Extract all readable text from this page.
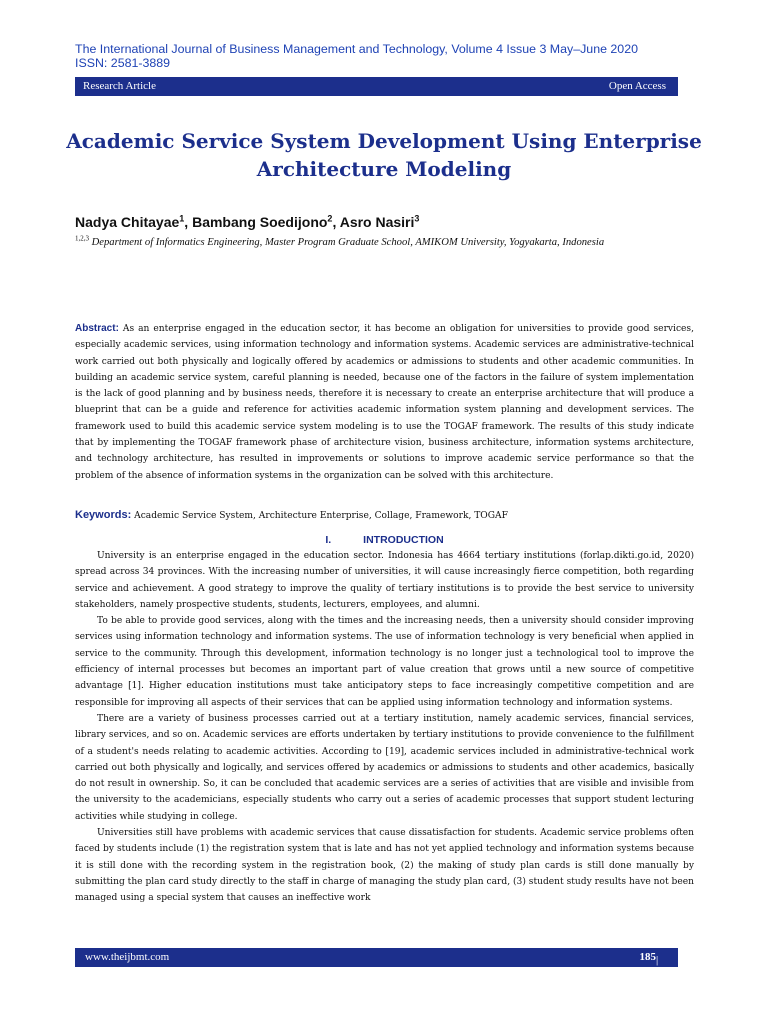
The International Journal of Business Management and Technology, Volume 4 Issue 3 May–June 2020
ISSN: 2581-3889
Research Article	Open Access
Academic Service System Development Using Enterprise Architecture Modeling
Nadya Chitayae$^1$, Bambang Soedijono$^2$, Asro Nasiri$^3$
$^{1,2,3}$ Department of Informatics Engineering, Master Program Graduate School, AMIKOM University, Yogyakarta, Indonesia
Abstract: As an enterprise engaged in the education sector, it has become an obligation for universities to provide good services, especially academic services, using information technology and information systems. Academic services are administrative-technical work carried out both physically and logically offered by academics or admissions to students and other academic communities. In building an academic service system, careful planning is needed, because one of the factors in the failure of system implementation is the lack of good planning and by business needs, therefore it is necessary to create an enterprise architecture that will produce a blueprint that can be a guide and reference for activities academic information system planning and development services. The framework used to build this academic service system modeling is to use the TOGAF framework. The results of this study indicate that by implementing the TOGAF framework phase of architecture vision, business architecture, information systems architecture, and technology architecture, has resulted in improvements or solutions to improve academic service performance so that the problem of the absence of information systems in the organization can be solved with this architecture.
Keywords: Academic Service System, Architecture Enterprise, Collage, Framework, TOGAF
I.	INTRODUCTION

University is an enterprise engaged in the education sector. Indonesia has 4664 tertiary institutions (forlap.dikti.go.id, 2020) spread across 34 provinces. With the increasing number of universities, it will cause increasingly fierce competition, both regarding service and achievement. A good strategy to improve the quality of tertiary institutions is to provide the best service to university stakeholders, namely prospective students, students, lecturers, employees, and alumni.

To be able to provide good services, along with the times and the increasing needs, then a university should consider improving services using information technology and information systems. The use of information technology is very beneficial when applied in service to the community. Through this development, information technology is no longer just a technological tool to improve the efficiency of internal processes but becomes an important part of value creation that grows until a new source of competitive advantage [1]. Higher education institutions must take anticipatory steps to face increasingly competitive competition and are responsible for improving all aspects of their services that can be applied using information technology and information systems.

There are a variety of business processes carried out at a tertiary institution, namely academic services, financial services, library services, and so on. Academic services are efforts undertaken by tertiary institutions to provide convenience to the fulfillment of a student's needs relating to academic activities. According to [19], academic services included in administrative-technical work carried out both physically and logically, and services offered by academics or admissions to students and other academics, basically do not result in ownership. So, it can be concluded that academic services are a series of activities that are visible and invisible from the university to the academicians, especially students who carry out a series of academic processes that support student lecturing activities while studying in college.

Universities still have problems with academic services that cause dissatisfaction for students. Academic service problems often faced by students include (1) the registration system that is late and has not yet applied technology and information systems because it is still done with the recording system in the registration book, (2) the making of study plan cards is still done manually by submitting the plan card study directly to the staff in charge of managing the study plan card, (3) student study results have not been managed using a special system that causes an ineffective work

www.theijbmt.com	185 | Page
